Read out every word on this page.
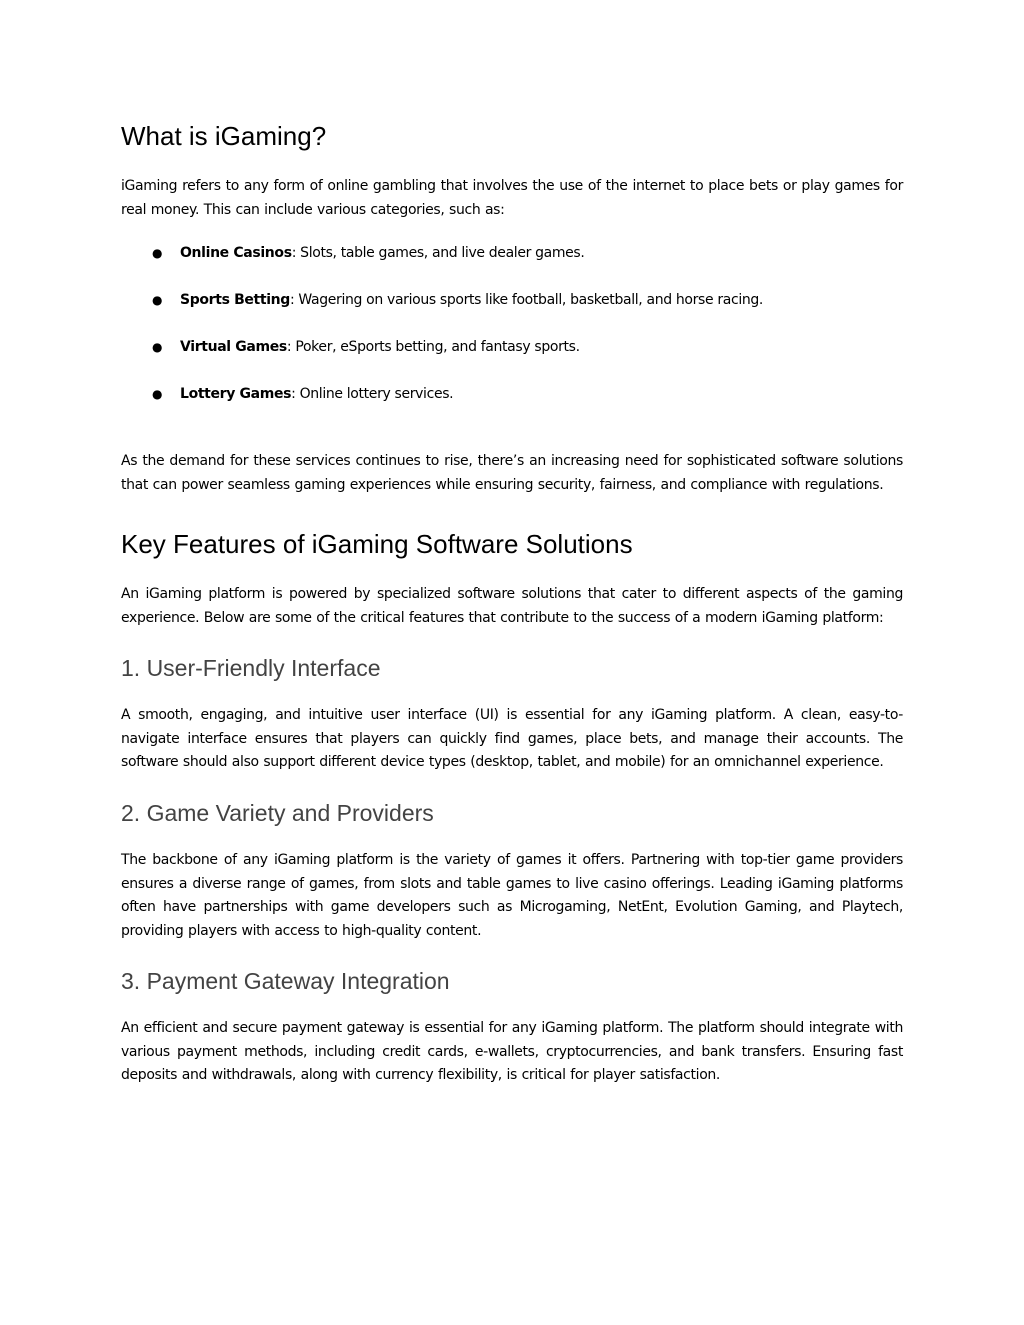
What is iGaming?

iGaming refers to any form of online gambling that involves the use of the internet to place bets or play games for real money. This can include various categories, such as:

● Online Casinos: Slots, table games, and live dealer games.
● Sports Betting: Wagering on various sports like football, basketball, and horse racing.
● Virtual Games: Poker, eSports betting, and fantasy sports.
● Lottery Games: Online lottery services.

As the demand for these services continues to rise, there’s an increasing need for sophisticated software solutions that can power seamless gaming experiences while ensuring security, fairness, and compliance with regulations.

Key Features of iGaming Software Solutions

An iGaming platform is powered by specialized software solutions that cater to different aspects of the gaming experience. Below are some of the critical features that contribute to the success of a modern iGaming platform:

1. User-Friendly Interface

A smooth, engaging, and intuitive user interface (UI) is essential for any iGaming platform. A clean, easy-to-navigate interface ensures that players can quickly find games, place bets, and manage their accounts. The software should also support different device types (desktop, tablet, and mobile) for an omnichannel experience.

2. Game Variety and Providers

The backbone of any iGaming platform is the variety of games it offers. Partnering with top-tier game providers ensures a diverse range of games, from slots and table games to live casino offerings. Leading iGaming platforms often have partnerships with game developers such as Microgaming, NetEnt, Evolution Gaming, and Playtech, providing players with access to high-quality content.

3. Payment Gateway Integration

An efficient and secure payment gateway is essential for any iGaming platform. The platform should integrate with various payment methods, including credit cards, e-wallets, cryptocurrencies, and bank transfers. Ensuring fast deposits and withdrawals, along with currency flexibility, is critical for player satisfaction.
